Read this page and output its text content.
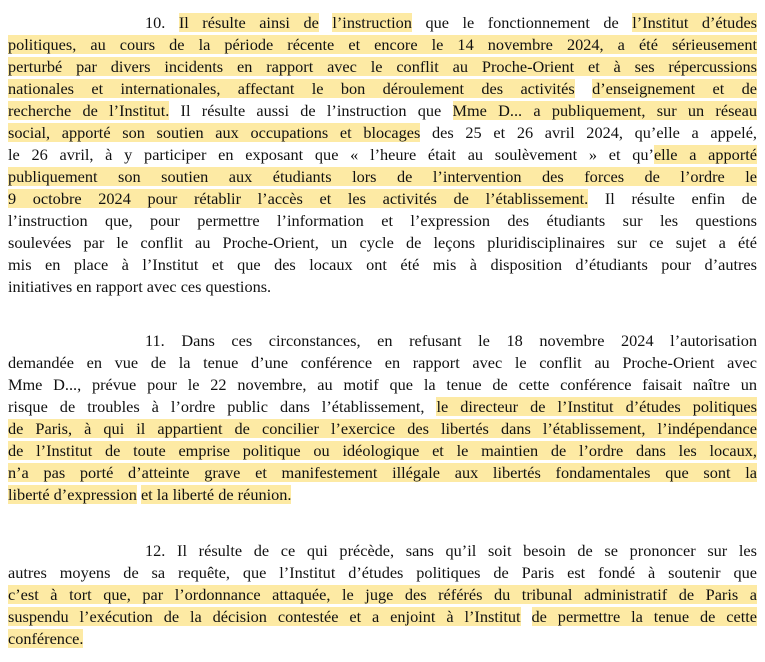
10. Il résulte ainsi de l’instruction que le fonctionnement de l’Institut d’études
politiques, au cours de la période récente et encore le 14 novembre 2024, a été sérieusement
perturbé par divers incidents en rapport avec le conflit au Proche-Orient et à ses répercussions
nationales et internationales, affectant le bon déroulement des activités d’enseignement et de
recherche de l’Institut. Il résulte aussi de l’instruction que Mme D... a publiquement, sur un réseau
social, apporté son soutien aux occupations et blocages des 25 et 26 avril 2024, qu’elle a appelé,
le 26 avril, à y participer en exposant que « l’heure était au soulèvement » et qu’elle a apporté
publiquement son soutien aux étudiants lors de l’intervention des forces de l’ordre le
9 octobre 2024 pour rétablir l’accès et les activités de l’établissement. Il résulte enfin de
l’instruction que, pour permettre l’information et l’expression des étudiants sur les questions
soulevées par le conflit au Proche-Orient, un cycle de leçons pluridisciplinaires sur ce sujet a été
mis en place à l’Institut et que des locaux ont été mis à disposition d’étudiants pour d’autres
initiatives en rapport avec ces questions.
11. Dans ces circonstances, en refusant le 18 novembre 2024 l’autorisation
demandée en vue de la tenue d’une conférence en rapport avec le conflit au Proche-Orient avec
Mme D..., prévue pour le 22 novembre, au motif que la tenue de cette conférence faisait naître un
risque de troubles à l’ordre public dans l’établissement, le directeur de l’Institut d’études politiques
de Paris, à qui il appartient de concilier l’exercice des libertés dans l’établissement, l’indépendance
de l’Institut de toute emprise politique ou idéologique et le maintien de l’ordre dans les locaux,
n’a pas porté d’atteinte grave et manifestement illégale aux libertés fondamentales que sont la
liberté d’expression et la liberté de réunion.
12. Il résulte de ce qui précède, sans qu’il soit besoin de se prononcer sur les
autres moyens de sa requête, que l’Institut d’études politiques de Paris est fondé à soutenir que
c’est à tort que, par l’ordonnance attaquée, le juge des référés du tribunal administratif de Paris a
suspendu l’exécution de la décision contestée et a enjoint à l’Institut de permettre la tenue de cette
conférence.
